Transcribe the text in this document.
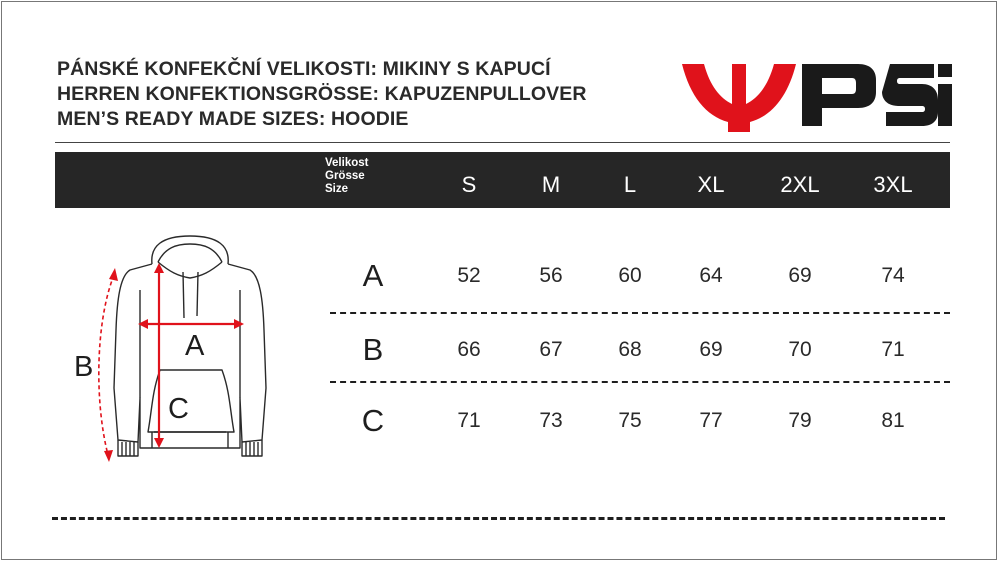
PÁNSKÉ KONFEKČNÍ VELIKOSTI: MIKINY S KAPUCÍ
HERREN KONFEKTIONSGRÖSSE: KAPUZENPULLOVER
MEN’S READY MADE SIZES: HOODIE
Velikost
Grösse
Size	S	M	L	XL	2XL	3XL
A	52	56	60	64	69	74
B	66	67	68	69	70	71
C	71	73	75	77	79	81
A
B
C
